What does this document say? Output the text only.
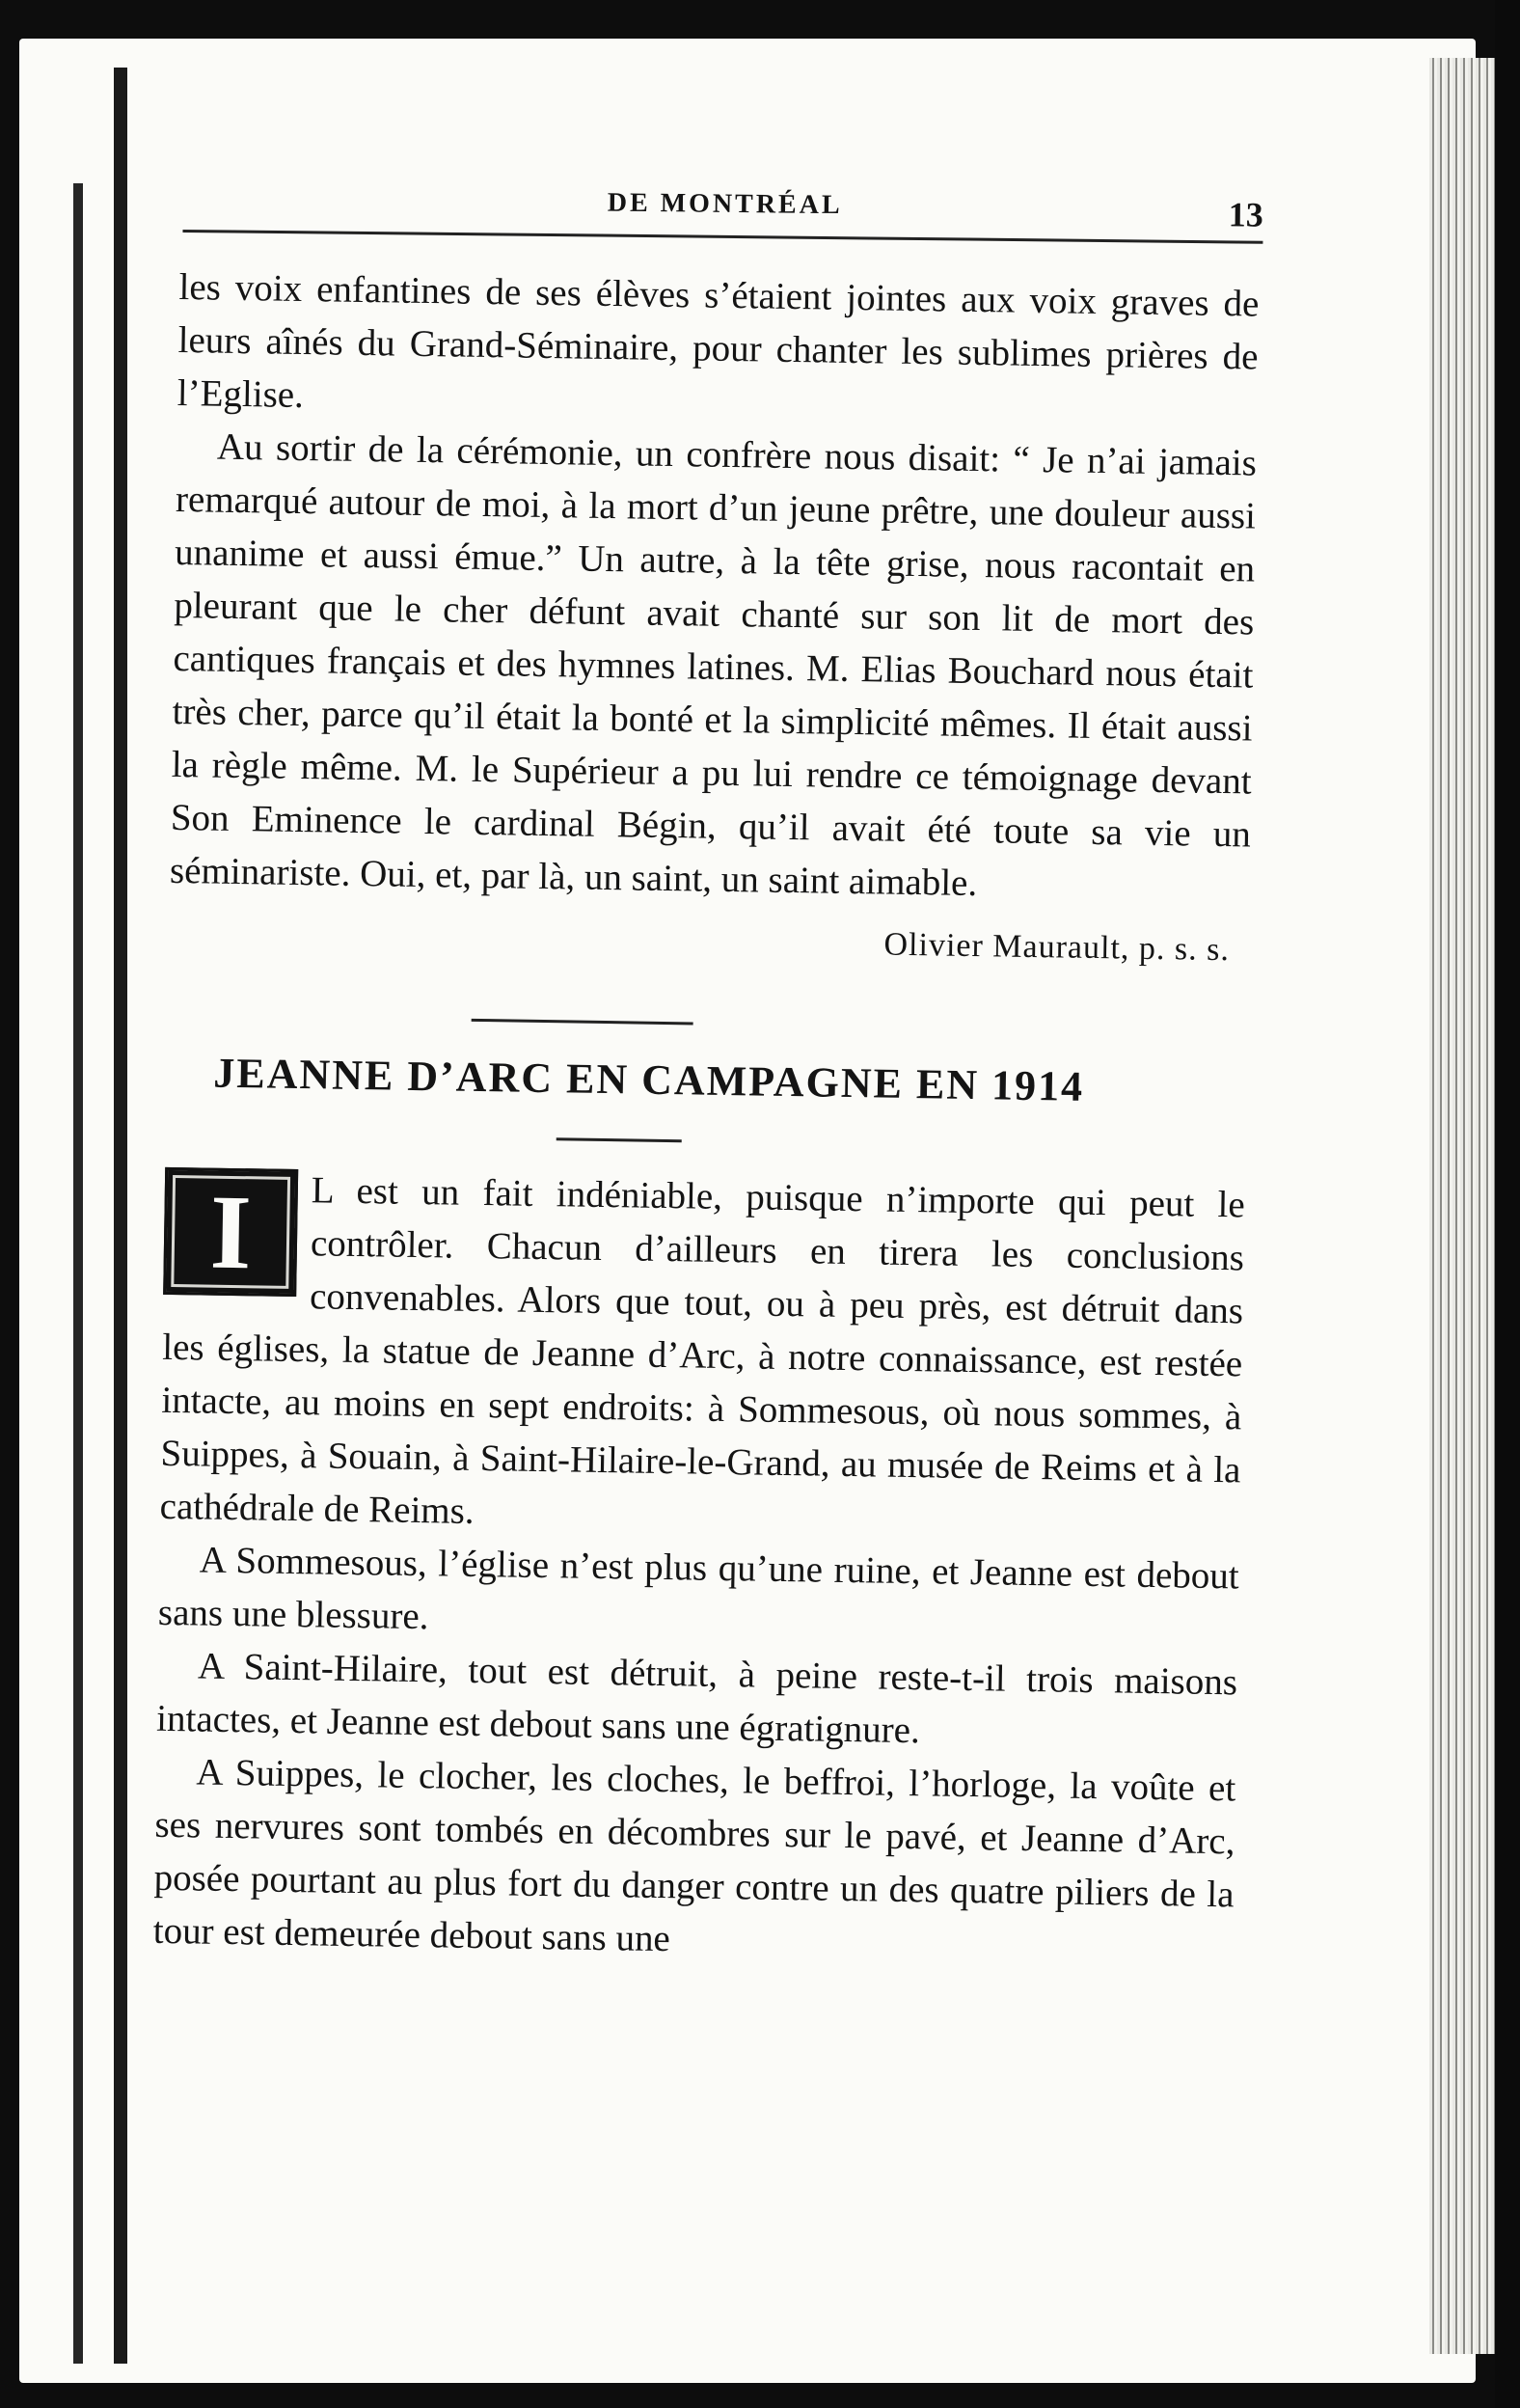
DE MONTRÉAL	13

les voix enfantines de ses élèves s’étaient jointes aux voix graves de leurs aînés du Grand-Séminaire, pour chanter les sublimes prières de l’Eglise.

Au sortir de la cérémonie, un confrère nous disait: “ Je n’ai jamais remarqué autour de moi, à la mort d’un jeune prêtre, une douleur aussi unanime et aussi émue.” Un autre, à la tête grise, nous racontait en pleurant que le cher défunt avait chanté sur son lit de mort des cantiques français et des hymnes latines. M. Elias Bouchard nous était très cher, parce qu’il était la bonté et la simplicité mêmes. Il était aussi la règle même. M. le Supérieur a pu lui rendre ce témoignage devant Son Eminence le cardinal Bégin, qu’il avait été toute sa vie un séminariste. Oui, et, par là, un saint, un saint aimable.

Olivier Maurault, p. s. s.
JEANNE D’ARC EN CAMPAGNE EN 1914

I	L est un fait indéniable, puisque n’importe qui peut le contrôler. Chacun d’ailleurs en tirera les conclusions convenables. Alors que tout, ou à peu près, est détruit dans les églises, la statue de Jeanne d’Arc, à notre connaissance, est restée intacte, au moins en sept endroits: à Sommesous, où nous sommes, à Suippes, à Souain, à Saint-Hilaire-le-Grand, au musée de Reims et à la cathédrale de Reims.

A Sommesous, l’église n’est plus qu’une ruine, et Jeanne est debout sans une blessure.

A Saint-Hilaire, tout est détruit, à peine reste-t-il trois maisons intactes, et Jeanne est debout sans une égratignure.

A Suippes, le clocher, les cloches, le beffroi, l’horloge, la voûte et ses nervures sont tombés en décombres sur le pavé, et Jeanne d’Arc, posée pourtant au plus fort du danger contre un des quatre piliers de la tour est demeurée debout sans une
